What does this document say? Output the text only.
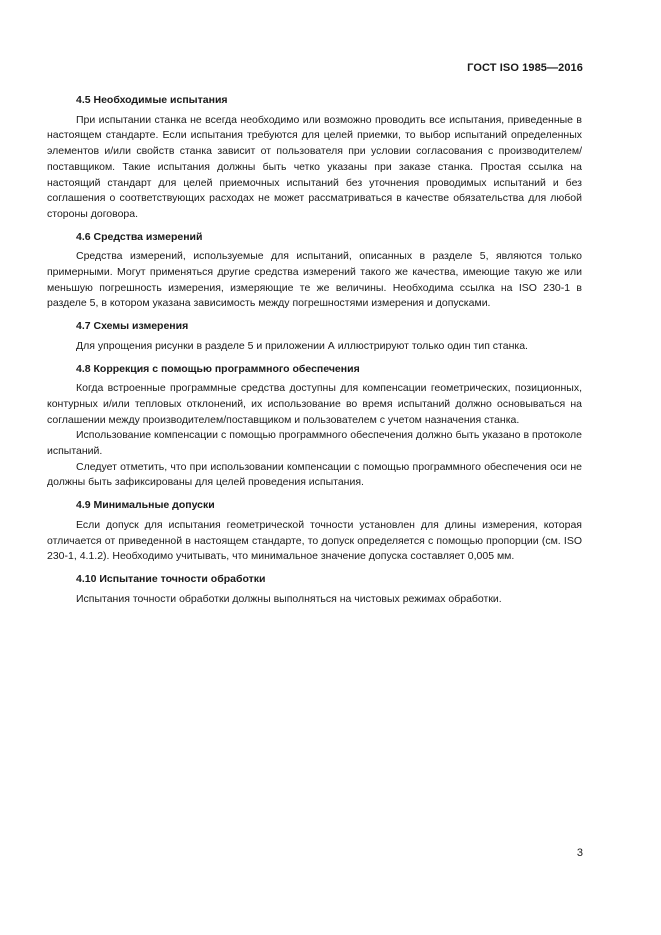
ГОСТ ISO 1985—2016
4.5 Необходимые испытания

При испытании станка не всегда необходимо или возможно проводить все испытания, приведенные в настоящем стандарте. Если испытания требуются для целей приемки, то выбор испытаний определенных элементов и/или свойств станка зависит от пользователя при условии согласования с производителем/поставщиком. Такие испытания должны быть четко указаны при заказе станка. Простая ссылка на настоящий стандарт для целей приемочных испытаний без уточнения проводимых испытаний и без соглашения о соответствующих расходах не может рассматриваться в качестве обязательства для любой стороны договора.

4.6 Средства измерений

Средства измерений, используемые для испытаний, описанных в разделе 5, являются только примерными. Могут применяться другие средства измерений такого же качества, имеющие такую же или меньшую погрешность измерения, измеряющие те же величины. Необходима ссылка на ISO 230-1 в разделе 5, в котором указана зависимость между погрешностями измерения и допусками.

4.7 Схемы измерения

Для упрощения рисунки в разделе 5 и приложении А иллюстрируют только один тип станка.

4.8 Коррекция с помощью программного обеспечения

Когда встроенные программные средства доступны для компенсации геометрических, позиционных, контурных и/или тепловых отклонений, их использование во время испытаний должно основываться на соглашении между производителем/поставщиком и пользователем с учетом назначения станка.

Использование компенсации с помощью программного обеспечения должно быть указано в протоколе испытаний.

Следует отметить, что при использовании компенсации с помощью программного обеспечения оси не должны быть зафиксированы для целей проведения испытания.

4.9 Минимальные допуски

Если допуск для испытания геометрической точности установлен для длины измерения, которая отличается от приведенной в настоящем стандарте, то допуск определяется с помощью пропорции (см. ISO 230-1, 4.1.2). Необходимо учитывать, что минимальное значение допуска составляет 0,005 мм.

4.10 Испытание точности обработки

Испытания точности обработки должны выполняться на чистовых режимах обработки.

3
